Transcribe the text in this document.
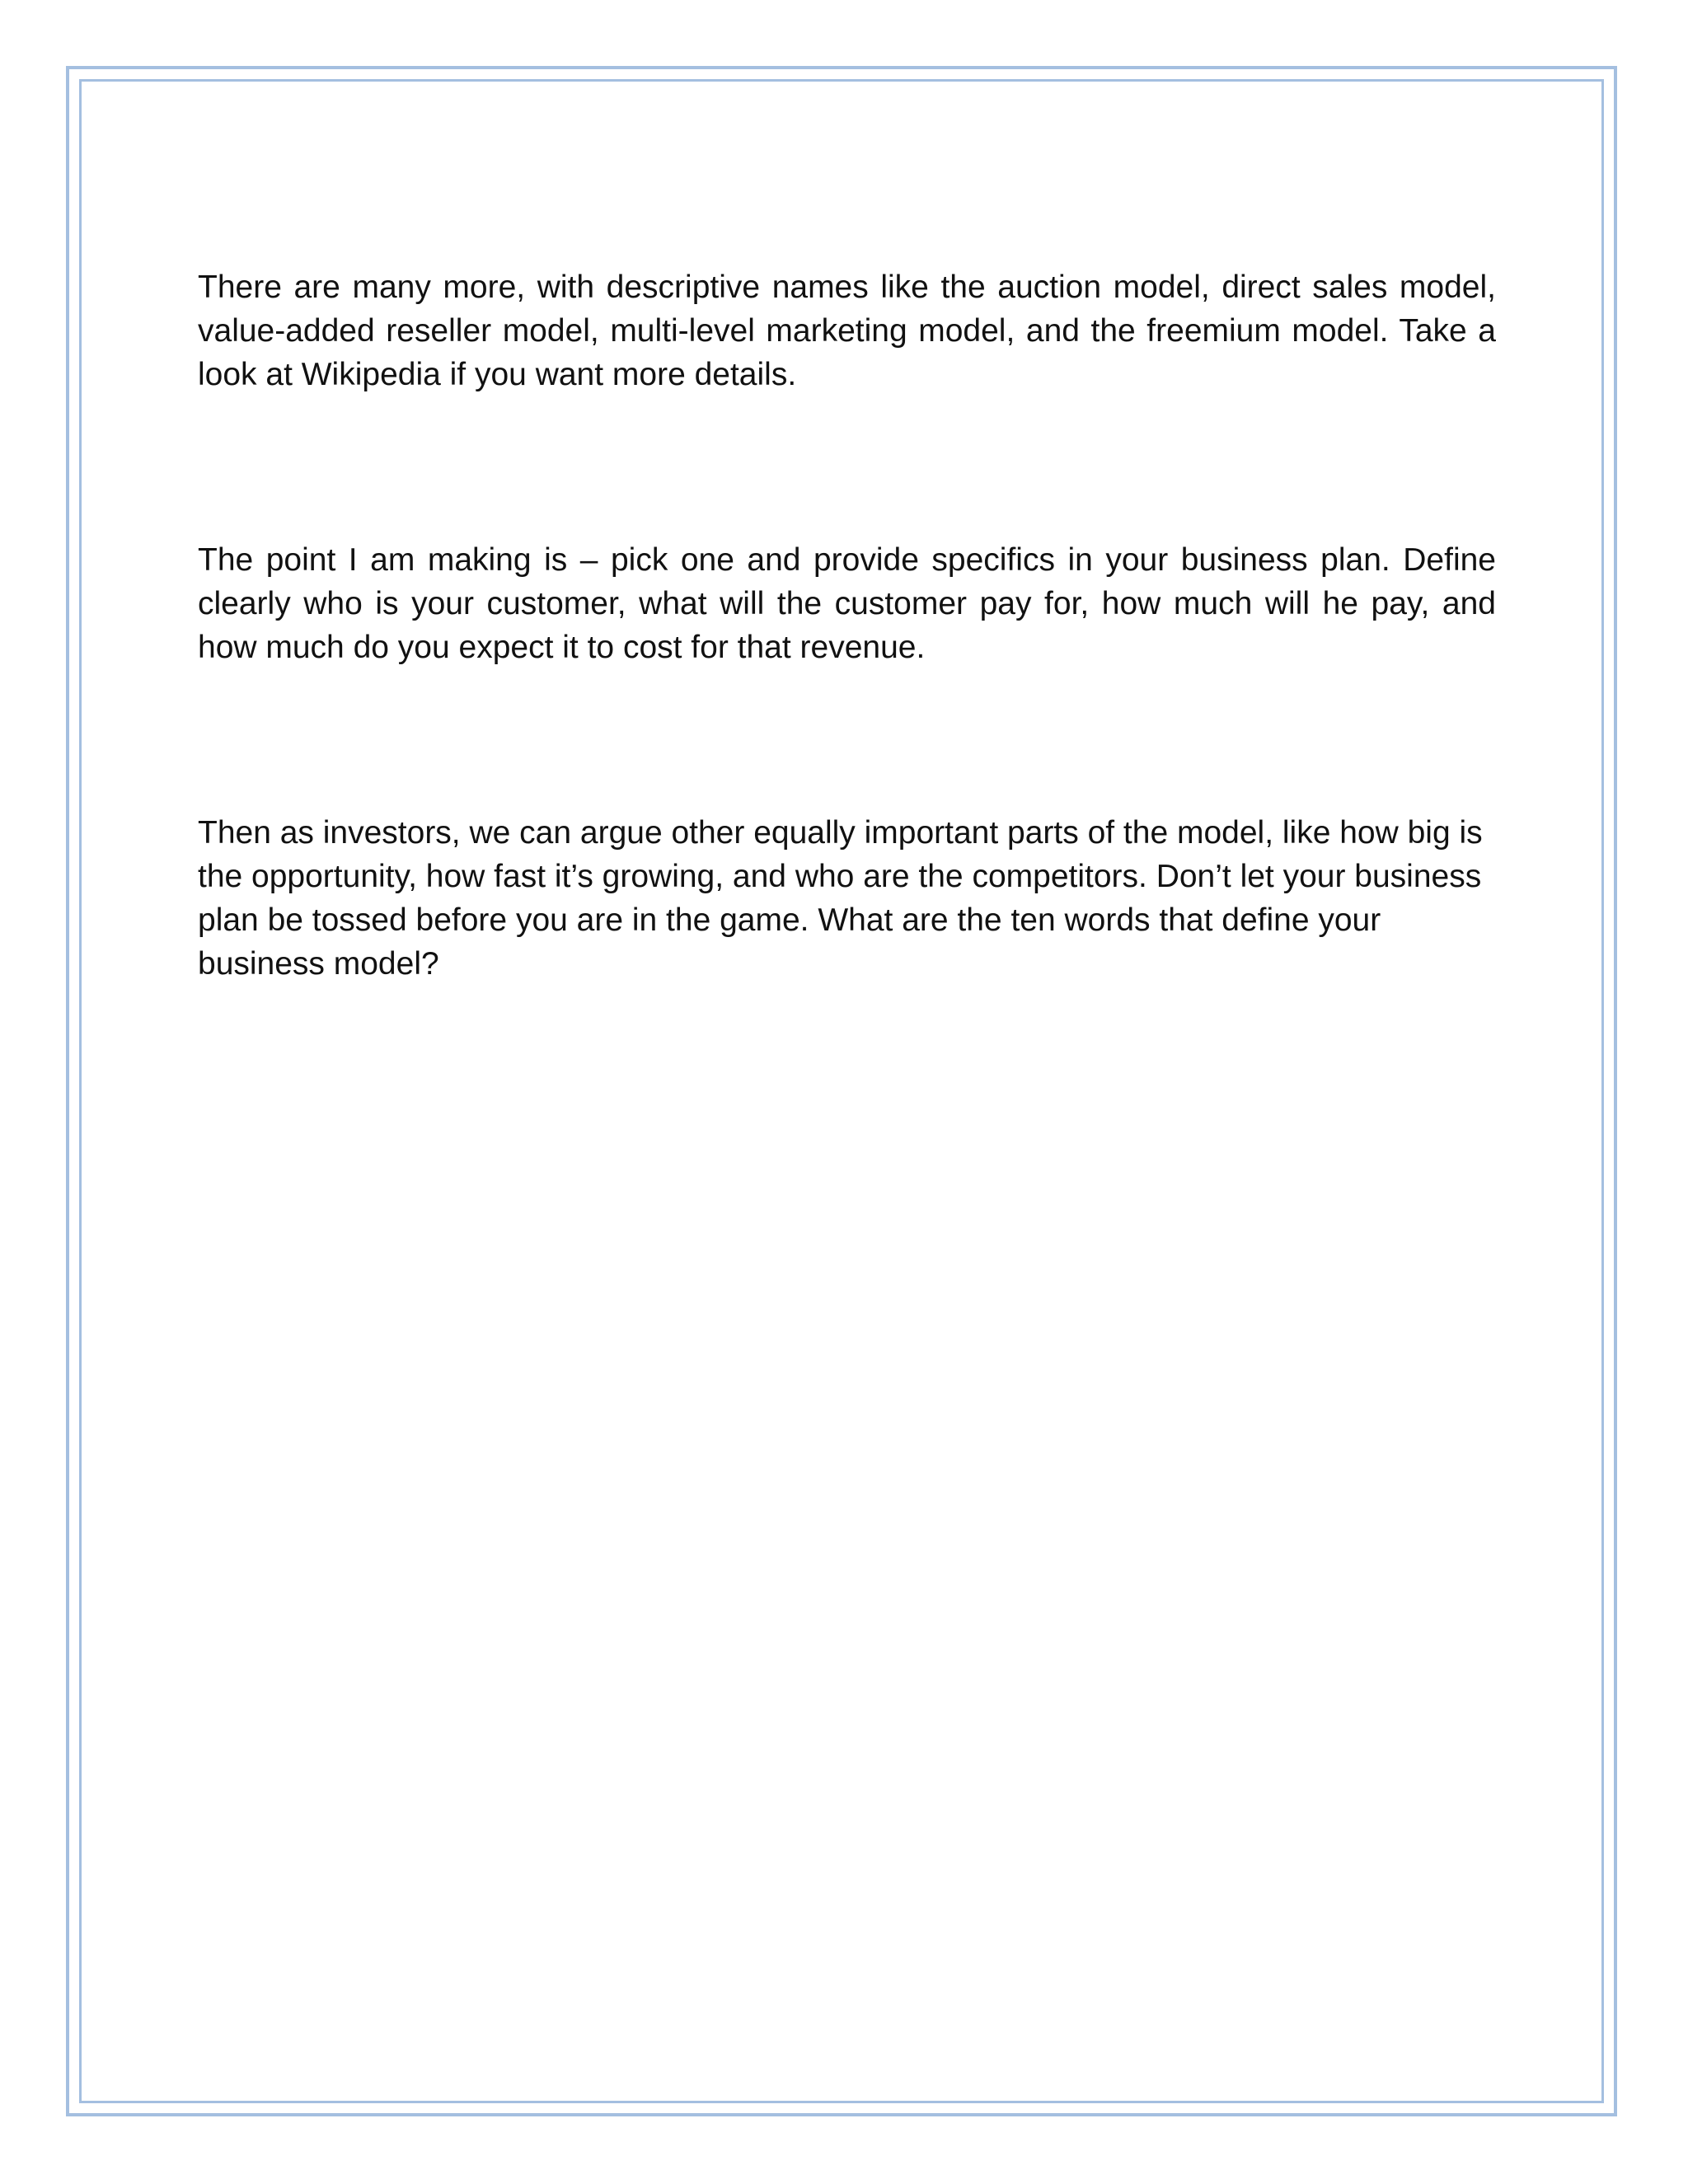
There are many more, with descriptive names like the auction model, direct sales model, value-added reseller model, multi-level marketing model, and the freemium model. Take a look at Wikipedia if you want more details.

The point I am making is – pick one and provide specifics in your business plan. Define clearly who is your customer, what will the customer pay for, how much will he pay, and how much do you expect it to cost for that revenue.

Then as investors, we can argue other equally important parts of the model, like how big is the opportunity, how fast it’s growing, and who are the competitors. Don’t let your business plan be tossed before you are in the game. What are the ten words that define your business model?
